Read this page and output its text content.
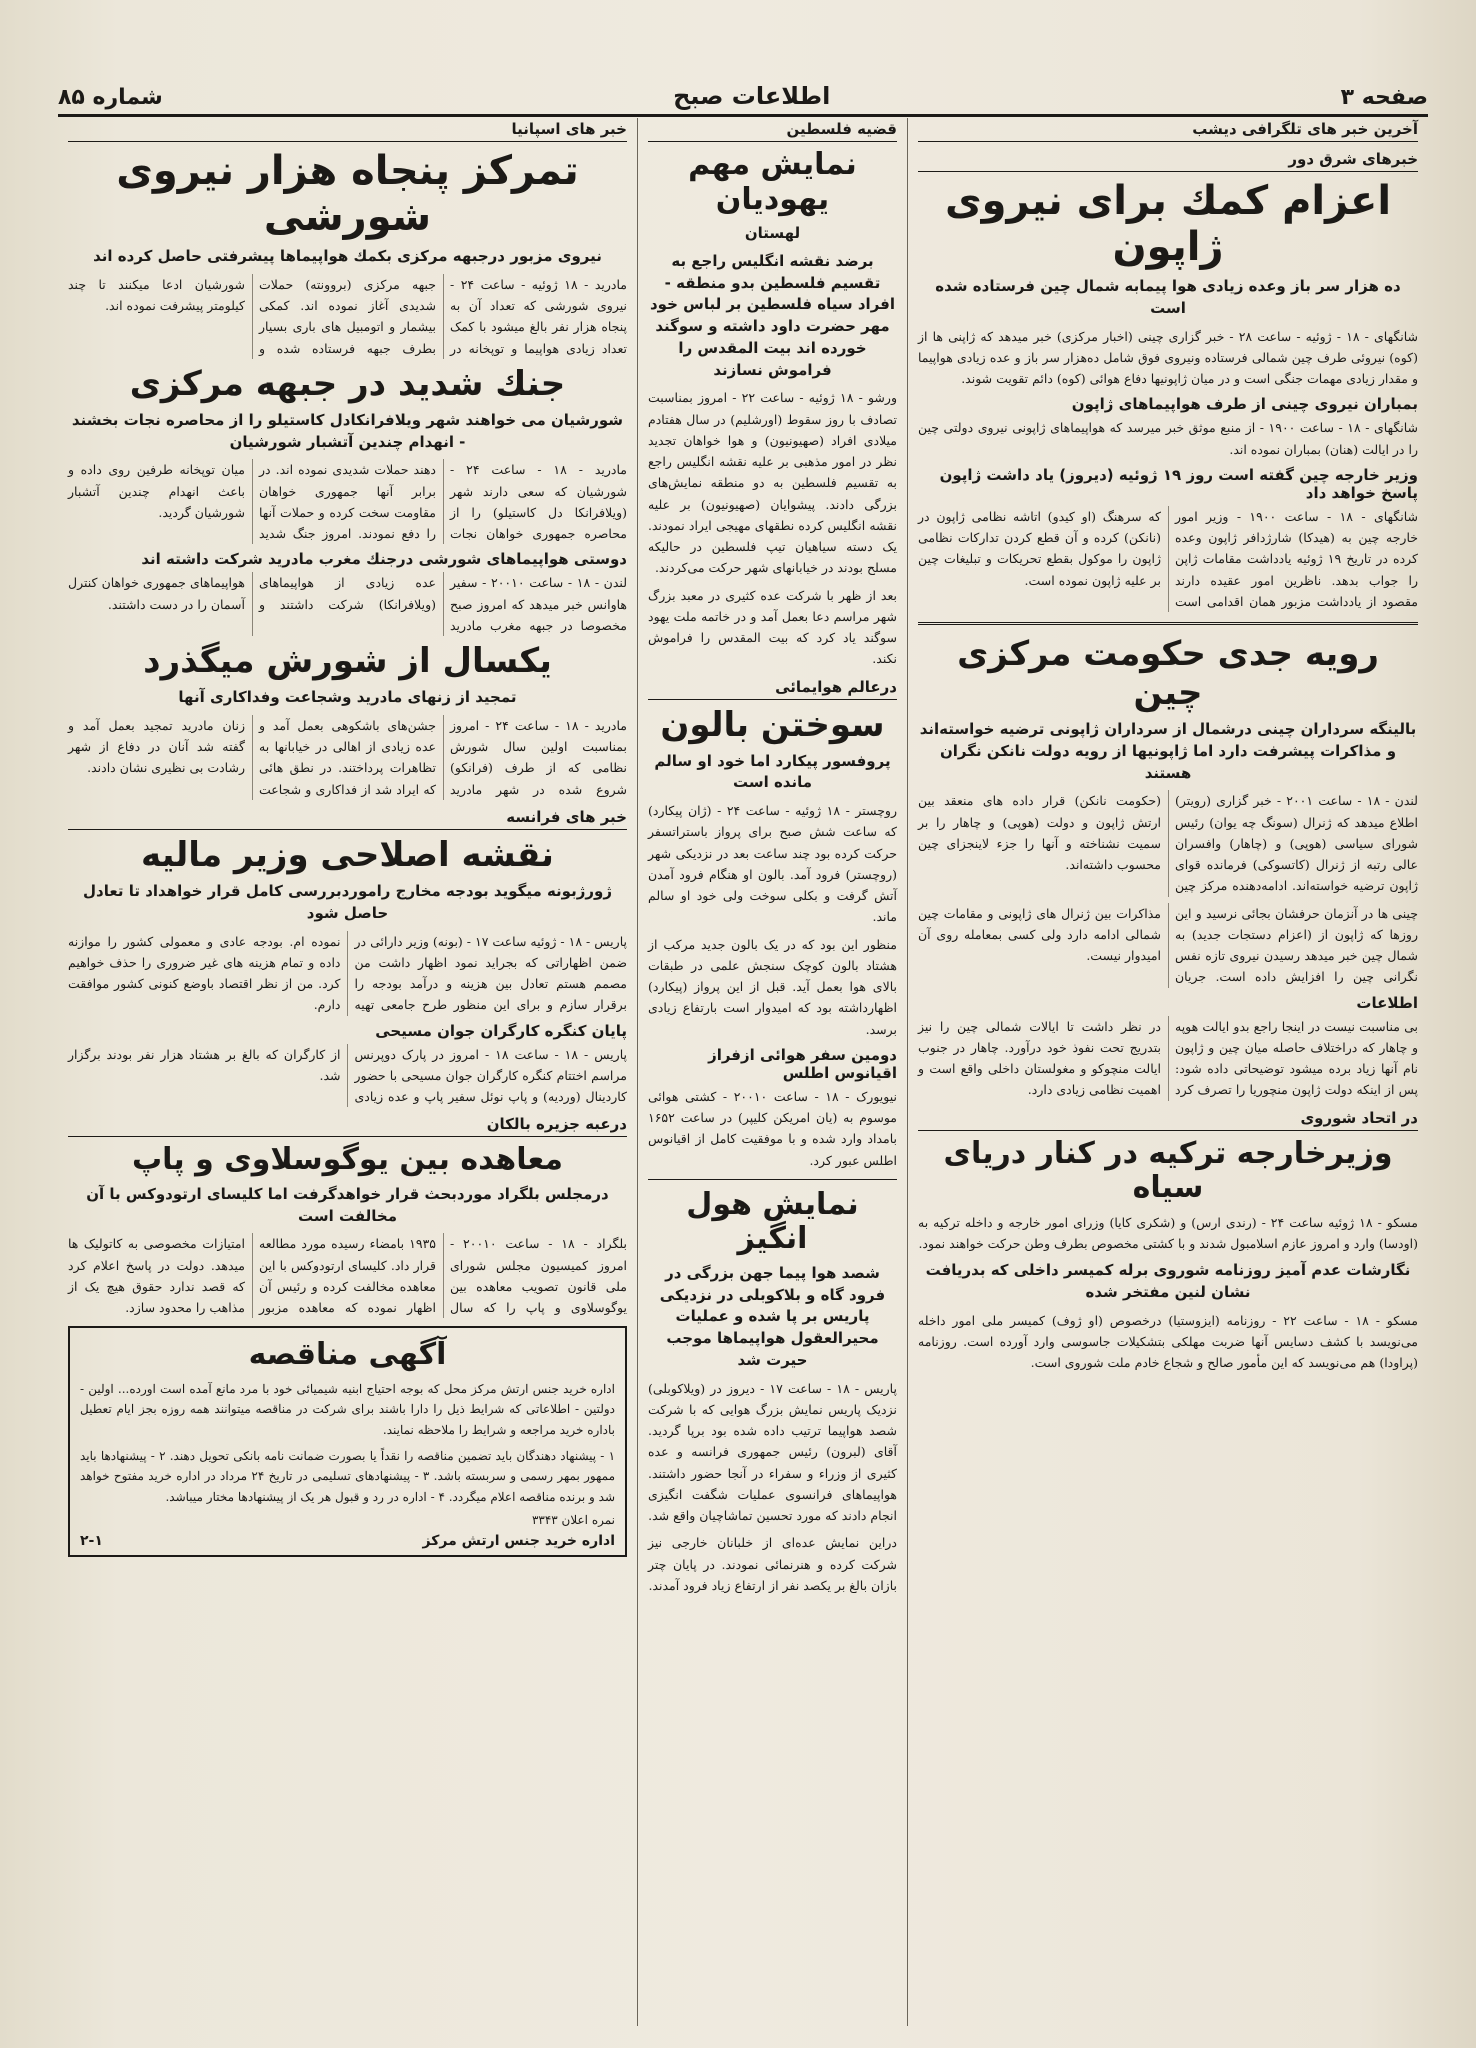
صفحه ۳
اطلاعات صبح
شماره ۸۵
آخرین خبر های تلگرافی دیشب
خبرهای شرق دور
اعزام کمك برای نیروی ژاپون
ده هزار سر باز وعده زیادی هوا پیمابه شمال چین فرستاده شده است

شانگهای - ۱۸ - ژوئیه - ساعت ۲۸ - خبر گزاری چینی (اخبار مرکزی) خبر میدهد که ژاپنی ها از (کوه) نیروئی طرف چین شمالی فرستاده ونیروی فوق شامل ده‌هزار سر باز و عده زیادی هواپیما و مقدار زیادی مهمات جنگی است و در میان ژاپونیها دفاع هوائی (کوه) دائم تقویت شوند.

بمباران نیروی چینی از طرف هواپیماهای ژاپون

شانگهای - ۱۸ - ساعت ۱۹۰۰ - از منبع موثق خبر میرسد که هواپیماهای ژاپونی نیروی دولتی چین را در ایالت (هنان) بمباران نموده اند.

وزیر خارجه چین گفته است روز ۱۹ ژوئیه (دیروز) یاد داشت ژاپون پاسخ خواهد داد

شانگهای - ۱۸ - ساعت ۱۹۰۰ - وزیر امور خارجه چین به (هیدکا) شارژدافر ژاپون وعده کرده در تاریخ ۱۹ ژوئیه یادداشت مقامات ژاپن را جواب بدهد. ناظرین امور عقیده دارند مقصود از یادداشت مزبور همان اقدامی است که سرهنگ (او کیدو) اتاشه نظامی ژاپون در (نانکن) کرده و آن قطع کردن تدارکات نظامی ژاپون را موکول بقطع تحریکات و تبلیغات چین بر علیه ژاپون نموده است.

رویه جدی حکومت مرکزی چین
بالینگه سرداران چینی درشمال از سرداران ژاپونی ترضیه خواسته‌اند و مذاکرات پیشرفت دارد اما ژاپونیها از رویه دولت نانکن نگران هستند

لندن - ۱۸ - ساعت ۲۰۰۱ - خبر گزاری (رویتر) اطلاع میدهد که ژنرال (سونگ چه یوان) رئیس شورای سیاسی (هوپی) و (چاهار) وافسران عالی رتبه از ژنرال (کاتسوکی) فرمانده قوای ژاپون ترضیه خواسته‌اند. ادامه‌دهنده مرکز چین (حکومت نانکن) قرار داده های منعقد بین ارتش ژاپون و دولت (هوپی) و چاهار را بر سمیت نشناخته و آنها را جزء لاینجزای چین محسوب داشته‌اند.

چینی ها در آنزمان حرفشان بجائی نرسید و این روزها که ژاپون از (اعزام دستجات جدید) به شمال چین خبر میدهد رسیدن نیروی تازه نفس نگرانی چین را افزایش داده است. جریان مذاکرات بین ژنرال های ژاپونی و مقامات چین شمالی ادامه دارد ولی کسی بمعامله روی آن امیدوار نیست.

اطلاعات

بی مناسبت نیست در اینجا راجع بدو ایالت هوپه و چاهار که دراختلاف حاصله میان چین و ژاپون نام آنها زیاد برده میشود توضیحاتی داده شود: پس از اینکه دولت ژاپون منچوریا را تصرف کرد در نظر داشت تا ایالات شمالی چین را نیز بتدریج تحت نفوذ خود درآورد. چاهار در جنوب ایالت منچوکو و مغولستان داخلی واقع است و اهمیت نظامی زیادی دارد.

در اتحاد شوروی
وزیرخارجه ترکیه در کنار دریای سیاه

مسکو - ۱۸ ژوئیه ساعت ۲۴ - (رندی ارس) و (شکری کایا) وزرای امور خارجه و داخله ترکیه به (اودسا) وارد و امروز عازم اسلامبول شدند و با کشتی مخصوص بطرف وطن حرکت خواهند نمود.

نگارشات عدم آمیز روزنامه شوروی برله کمیسر داخلی که بدریافت نشان لنین مفتخر شده

مسکو - ۱۸ - ساعت ۲۲ - روزنامه (ایزوستیا) درخصوص (او ژوف) کمیسر ملی امور داخله می‌نویسد با کشف دسایس آنها ضربت مهلکی بتشکیلات جاسوسی وارد آورده است. روزنامه (پراودا) هم می‌نویسد که این مأمور صالح و شجاع خادم ملت شوروی است.

قضیه فلسطین
نمایش مهم یهودیان
لهستان
برضد نقشه انگلیس راجع به تقسیم فلسطین بدو منطقه - افراد سیاه فلسطین بر لباس خود مهر حضرت داود داشته و سوگند خورده اند بیت المقدس را فراموش نسازند

ورشو - ۱۸ ژوئیه - ساعت ۲۲ - امروز بمناسبت تصادف با روز سقوط (اورشلیم) در سال هفتادم میلادی افراد (صهیونیون) و هوا خواهان تجدید نظر در امور مذهبی بر علیه نقشه انگلیس راجع به تقسیم فلسطین به دو منطقه نمایش‌های بزرگی دادند. پیشوایان (صهیونیون) بر علیه نقشه انگلیس کرده نطقهای مهیجی ایراد نمودند. یک دسته سیاهیان تیپ فلسطین در حالیکه مسلح بودند در خیابانهای شهر حرکت می‌کردند.

بعد از ظهر با شرکت عده کثیری در معبد بزرگ شهر مراسم دعا بعمل آمد و در خاتمه ملت یهود سوگند یاد کرد که بیت المقدس را فراموش نکند.

درعالم هوایمائی
سوختن بالون
پروفسور پیکارد اما خود او سالم مانده است

روچستر - ۱۸ ژوئیه - ساعت ۲۴ - (ژان پیکارد) که ساعت شش صبح برای پرواز باستراتسفر حرکت کرده بود چند ساعت بعد در نزدیکی شهر (روچستر) فرود آمد. بالون او هنگام فرود آمدن آتش گرفت و بکلی سوخت ولی خود او سالم ماند.

منظور این بود که در یک بالون جدید مرکب از هشتاد بالون کوچک سنجش علمی در طبقات بالای هوا بعمل آید. قبل از این پرواز (پیکارد) اظهارداشته بود که امیدوار است بارتفاع زیادی برسد.

دومین سفر هوائی ازفراز اقیانوس اطلس

نیویورک - ۱۸ - ساعت ۲۰۰۱۰ - کشتی هوائی موسوم به (یان امریکن کلیپر) در ساعت ۱۶۵۲ بامداد وارد شده و با موفقیت کامل از اقیانوس اطلس عبور کرد.

نمایش هول انگیز
شصد هوا پیما جهن بزرگی در فرود گاه و بلاکوبلی در نزدیکی پاریس بر پا شده و عملیات محیرالعقول هواپیماها موجب حیرت شد

پاریس - ۱۸ - ساعت ۱۷ - دیروز در (ویلاکوبلی) نزدیک پاریس نمایش بزرگ هوایی که با شرکت شصد هواپیما ترتیب داده شده بود برپا گردید. آقای (لبرون) رئیس جمهوری فرانسه و عده کثیری از وزراء و سفراء در آنجا حضور داشتند. هواپیماهای فرانسوی عملیات شگفت انگیزی انجام دادند که مورد تحسین تماشاچیان واقع شد.

دراین نمایش عده‌ای از خلبانان خارجی نیز شرکت کرده و هنرنمائی نمودند. در پایان چتر بازان بالغ بر یکصد نفر از ارتفاع زیاد فرود آمدند.

خبر های اسپانیا
تمرکز پنجاه هزار نیروی شورشی
نیروی مزبور درجبهه مرکزی بکمك هواپیماها پیشرفتی حاصل کرده اند

مادرید - ۱۸ ژوئیه - ساعت ۲۴ - نیروی شورشی که تعداد آن به پنجاه هزار نفر بالغ میشود با کمک تعداد زیادی هواپیما و توپخانه در جبهه مرکزی (بروونته) حملات شدیدی آغاز نموده اند. کمکی بیشمار و اتومبیل های باری بسیار بطرف جبهه فرستاده شده و شورشیان ادعا میکنند تا چند کیلومتر پیشرفت نموده اند.

جنك شدید در جبهه مرکزی
شورشیان می خواهند شهر ویلافرانکادل کاستیلو را از محاصره نجات بخشند - انهدام چندین آتشبار شورشیان

مادرید - ۱۸ - ساعت ۲۴ - شورشیان که سعی دارند شهر (ویلافرانکا دل کاستیلو) را از محاصره جمهوری خواهان نجات دهند حملات شدیدی نموده اند. در برابر آنها جمهوری خواهان مقاومت سخت کرده و حملات آنها را دفع نمودند. امروز جنگ شدید میان توپخانه طرفین روی داده و باعث انهدام چندین آتشبار شورشیان گردید.

دوستی هواپیماهای شورشی درجنك مغرب مادرید شرکت داشته اند

لندن - ۱۸ - ساعت ۲۰۰۱۰ - سفیر هاوانس خبر میدهد که امروز صبح مخصوصا در جبهه مغرب مادرید عده زیادی از هواپیماهای (ویلافرانکا) شرکت داشتند و هواپیماهای جمهوری خواهان کنترل آسمان را در دست داشتند.

یکسال از شورش میگذرد
تمجید از زنهای مادرید وشجاعت وفداکاری آنها

مادرید - ۱۸ - ساعت ۲۴ - امروز بمناسبت اولین سال شورش نظامی که از طرف (فرانکو) شروع شده در شهر مادرید جشن‌های باشکوهی بعمل آمد و عده زیادی از اهالی در خیابانها به تظاهرات پرداختند. در نطق هائی که ایراد شد از فداکاری و شجاعت زنان مادرید تمجید بعمل آمد و گفته شد آنان در دفاع از شهر رشادت بی نظیری نشان دادند.

خبر های فرانسه
نقشه اصلاحی وزیر مالیه
ژورژبونه میگوید بودجه مخارج راموردبررسی کامل قرار خواهداد تا تعادل حاصل شود

پاریس - ۱۸ - ژوئیه ساعت ۱۷ - (بونه) وزیر دارائی در ضمن اظهاراتی که بجراید نمود اظهار داشت من مصمم هستم تعادل بین هزینه و درآمد بودجه را برقرار سازم و برای این منظور طرح جامعی تهیه نموده ام. بودجه عادی و معمولی کشور را موازنه داده و تمام هزینه های غیر ضروری را حذف خواهیم کرد. من از نظر اقتصاد باوضع کنونی کشور موافقت دارم.

پایان کنگره کارگران جوان مسیحی

پاریس - ۱۸ - ساعت ۱۸ - امروز در پارک دوپرنس مراسم اختتام کنگره کارگران جوان مسیحی با حضور کاردینال (وردیه) و پاپ نوئل سفیر پاپ و عده زیادی از کارگران که بالغ بر هشتاد هزار نفر بودند برگزار شد.

درعبه جزیره بالکان
معاهده بین یوگوسلاوی و پاپ
درمجلس بلگراد موردبحث قرار خواهدگرفت اما کلیسای ارتودوکس با آن مخالفت است

بلگراد - ۱۸ - ساعت ۲۰۰۱۰ - امروز کمیسیون مجلس شورای ملی قانون تصویب معاهده بین یوگوسلاوی و پاپ را که سال ۱۹۳۵ بامضاء رسیده مورد مطالعه قرار داد. کلیسای ارتودوکس با این معاهده مخالفت کرده و رئیس آن اظهار نموده که معاهده مزبور امتیازات مخصوصی به کاتولیک ها میدهد. دولت در پاسخ اعلام کرد که قصد ندارد حقوق هیچ یک از مذاهب را محدود سازد.

آگهی مناقصه

اداره خرید جنس ارتش مرکز محل که بوجه احتیاج ابنیه شیمیائی خود با مرد مانع آمده است اورده... اولین - دولتین - اطلاعاتی که شرایط ذیل را دارا باشند برای شرکت در مناقصه میتوانند همه روزه بجز ایام تعطیل باداره خرید مراجعه و شرایط را ملاحظه نمایند.

۱ - پیشنهاد دهندگان باید تضمین مناقصه را نقداً یا بصورت ضمانت نامه بانکی تحویل دهند. ۲ - پیشنهادها باید ممهور بمهر رسمی و سربسته باشد. ۳ - پیشنهادهای تسلیمی در تاریخ ۲۴ مرداد در اداره خرید مفتوح خواهد شد و برنده مناقصه اعلام میگردد. ۴ - اداره در رد و قبول هر یک از پیشنهادها مختار میباشد.

نمره اعلان ۳۳۴۳
اداره خرید جنس ارتش مرکز
۲-۱
